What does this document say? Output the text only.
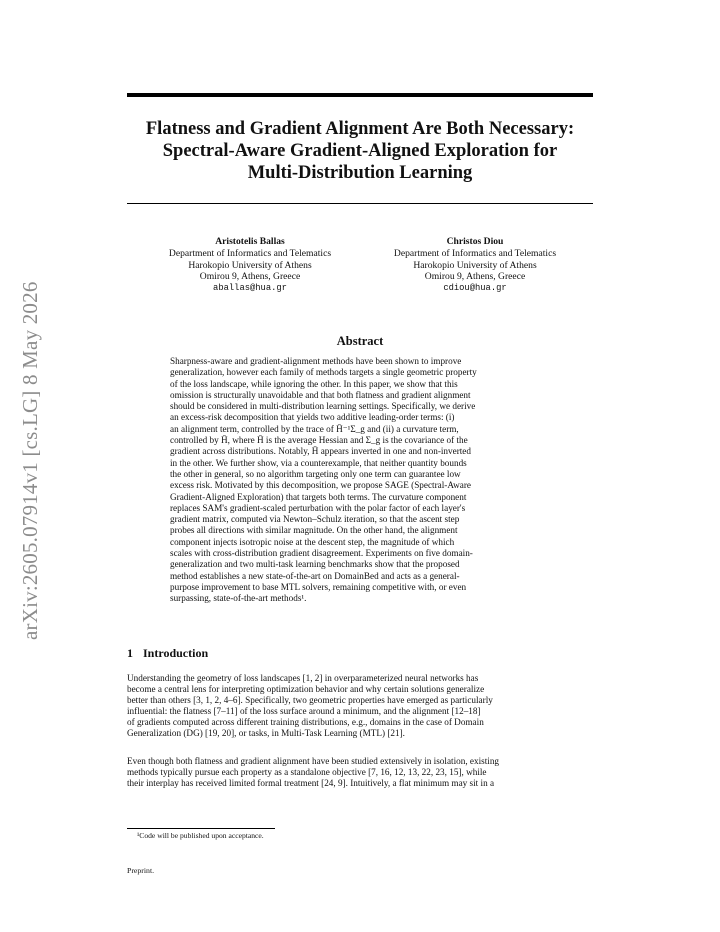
arXiv:2605.07914v1 [cs.LG] 8 May 2026
Flatness and Gradient Alignment Are Both Necessary:
Spectral-Aware Gradient-Aligned Exploration for
Multi-Distribution Learning
Aristotelis Ballas
Department of Informatics and Telematics
Harokopio University of Athens
Omirou 9, Athens, Greece
aballas@hua.gr
Christos Diou
Department of Informatics and Telematics
Harokopio University of Athens
Omirou 9, Athens, Greece
cdiou@hua.gr
Abstract
Sharpness-aware and gradient-alignment methods have been shown to improve
generalization, however each family of methods targets a single geometric property
of the loss landscape, while ignoring the other. In this paper, we show that this
omission is structurally unavoidable and that both flatness and gradient alignment
should be considered in multi-distribution learning settings. Specifically, we derive
an excess-risk decomposition that yields two additive leading-order terms: (i)
an alignment term, controlled by the trace of H̄⁻¹Σ_g and (ii) a curvature term,
controlled by H̄, where H̄ is the average Hessian and Σ_g is the covariance of the
gradient across distributions. Notably, H̄ appears inverted in one and non-inverted
in the other. We further show, via a counterexample, that neither quantity bounds
the other in general, so no algorithm targeting only one term can guarantee low
excess risk. Motivated by this decomposition, we propose SAGE (Spectral-Aware
Gradient-Aligned Exploration) that targets both terms. The curvature component
replaces SAM's gradient-scaled perturbation with the polar factor of each layer's
gradient matrix, computed via Newton–Schulz iteration, so that the ascent step
probes all directions with similar magnitude. On the other hand, the alignment
component injects isotropic noise at the descent step, the magnitude of which
scales with cross-distribution gradient disagreement. Experiments on five domain-
generalization and two multi-task learning benchmarks show that the proposed
method establishes a new state-of-the-art on DomainBed and acts as a general-
purpose improvement to base MTL solvers, remaining competitive with, or even
surpassing, state-of-the-art methods¹.
1 Introduction
Understanding the geometry of loss landscapes [1, 2] in overparameterized neural networks has
become a central lens for interpreting optimization behavior and why certain solutions generalize
better than others [3, 1, 2, 4–6]. Specifically, two geometric properties have emerged as particularly
influential: the flatness [7–11] of the loss surface around a minimum, and the alignment [12–18]
of gradients computed across different training distributions, e.g., domains in the case of Domain
Generalization (DG) [19, 20], or tasks, in Multi-Task Learning (MTL) [21].
Even though both flatness and gradient alignment have been studied extensively in isolation, existing
methods typically pursue each property as a standalone objective [7, 16, 12, 13, 22, 23, 15], while
their interplay has received limited formal treatment [24, 9]. Intuitively, a flat minimum may sit in a
¹Code will be published upon acceptance.
Preprint.
